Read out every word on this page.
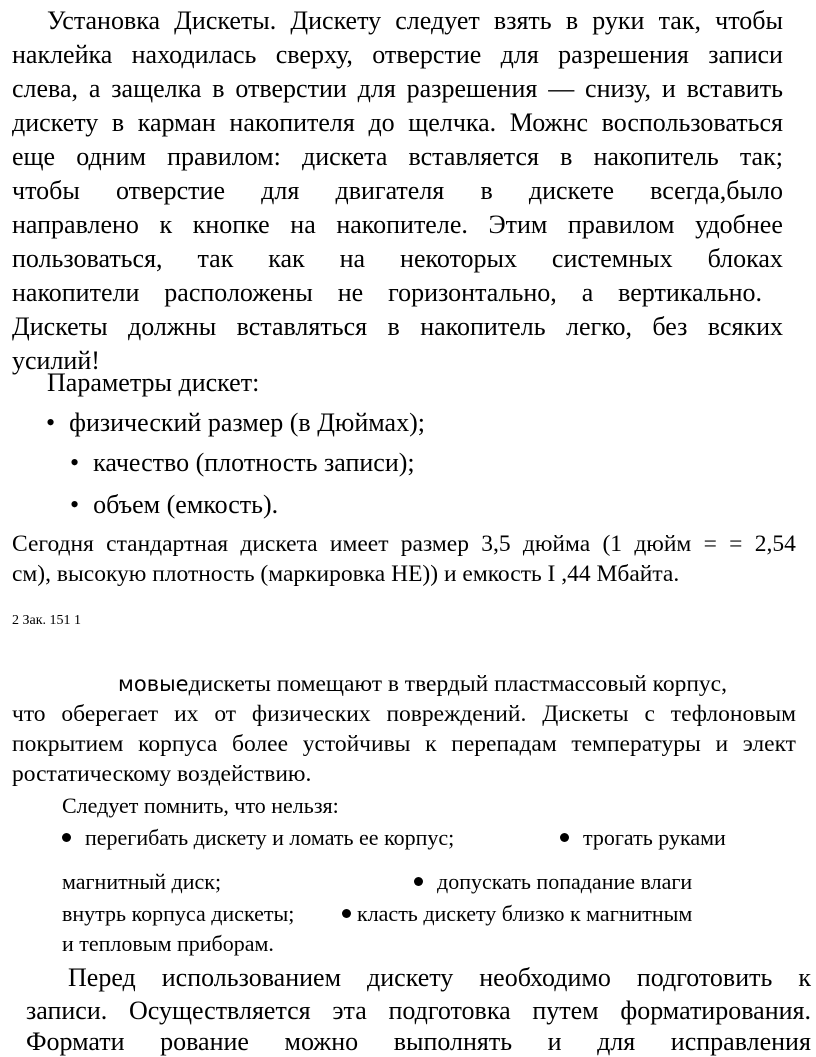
Установка Дискеты. Дискету следует взять в руки так, чтобы
наклейка находилась сверху, отверстие для разрешения записи
слева, а защелка в отверстии для разрешения — снизу, и вставить
дискету в карман накопителя до щелчка. Можнс воспользоваться
еще одним правилом: дискета вставляется в накопитель так;
чтобы отверстие для двигателя в дискете всегда,было
направлено к кнопке на накопителе. Этим правилом удобнее
пользоваться, так как на некоторых системных блоках
накопители расположены не горизонтально, а вертикально.
Дискеты должны вставляться в накопитель легко, без всяких
усилий!
Параметры дискет:
• физический размер (в Дюймах);
• качество (плотность записи);
• объем (емкость).
Сегодня стандартная дискета имеет размер 3,5 дюйма (1 дюйм = = 2,54
см), высокую плотность (маркировка HE)) и емкость I ,44 Мбайта.
2 Зак. 151 1
мовыедискеты помещают в твердый пластмассовый корпус,
что оберегает их от физических повреждений. Дискеты с тефлоновым
покрытием корпуса более устойчивы к перепадам температуры и элект
ростатическому воздействию.
Следует помнить, что нельзя:
перегибать дискету и ломать ее корпус;	трогать руками
магнитный диск;	допускать попадание влаги
внутрь корпуса дискеты;	класть дискету близко к магнитным
и тепловым приборам.
Перед использованием дискету необходимо подготовить к
записи. Осуществляется эта подготовка путем форматирования.
Формати рование можно выполнять и для исправления
